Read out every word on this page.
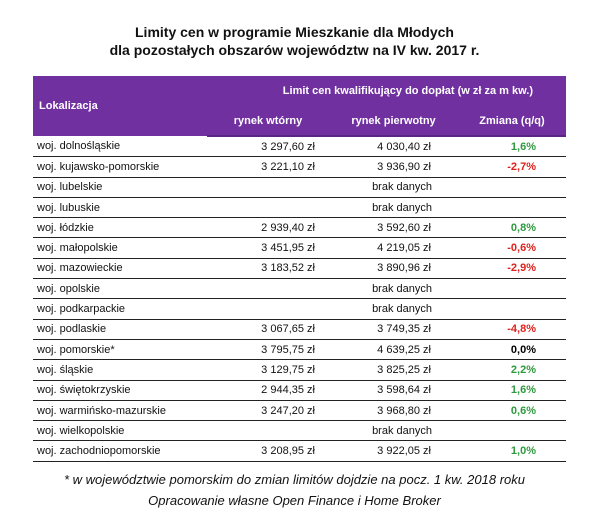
Limity cen w programie Mieszkanie dla Młodych
dla pozostałych obszarów województw na IV kw. 2017 r.
Lokalizacja	Limit cen kwalifikujący do dopłat (w zł za m kw.)		
	rynek wtórny	rynek pierwotny	Zmiana (q/q)
woj. dolnośląskie	3 297,60 zł	4 030,40 zł	1,6%
woj. kujawsko-pomorskie	3 221,10 zł	3 936,90 zł	-2,7%
woj. lubelskie		brak danych	
woj. lubuskie		brak danych	
woj. łódzkie	2 939,40 zł	3 592,60 zł	0,8%
woj. małopolskie	3 451,95 zł	4 219,05 zł	-0,6%
woj. mazowieckie	3 183,52 zł	3 890,96 zł	-2,9%
woj. opolskie		brak danych	
woj. podkarpackie		brak danych	
woj. podlaskie	3 067,65 zł	3 749,35 zł	-4,8%
woj. pomorskie*	3 795,75 zł	4 639,25 zł	0,0%
woj. śląskie	3 129,75 zł	3 825,25 zł	2,2%
woj. świętokrzyskie	2 944,35 zł	3 598,64 zł	1,6%
woj. warmińsko-mazurskie	3 247,20 zł	3 968,80 zł	0,6%
woj. wielkopolskie		brak danych	
woj. zachodniopomorskie	3 208,95 zł	3 922,05 zł	1,0%
* w województwie pomorskim do zmian limitów dojdzie na pocz. 1 kw. 2018 roku
Opracowanie własne Open Finance i Home Broker
